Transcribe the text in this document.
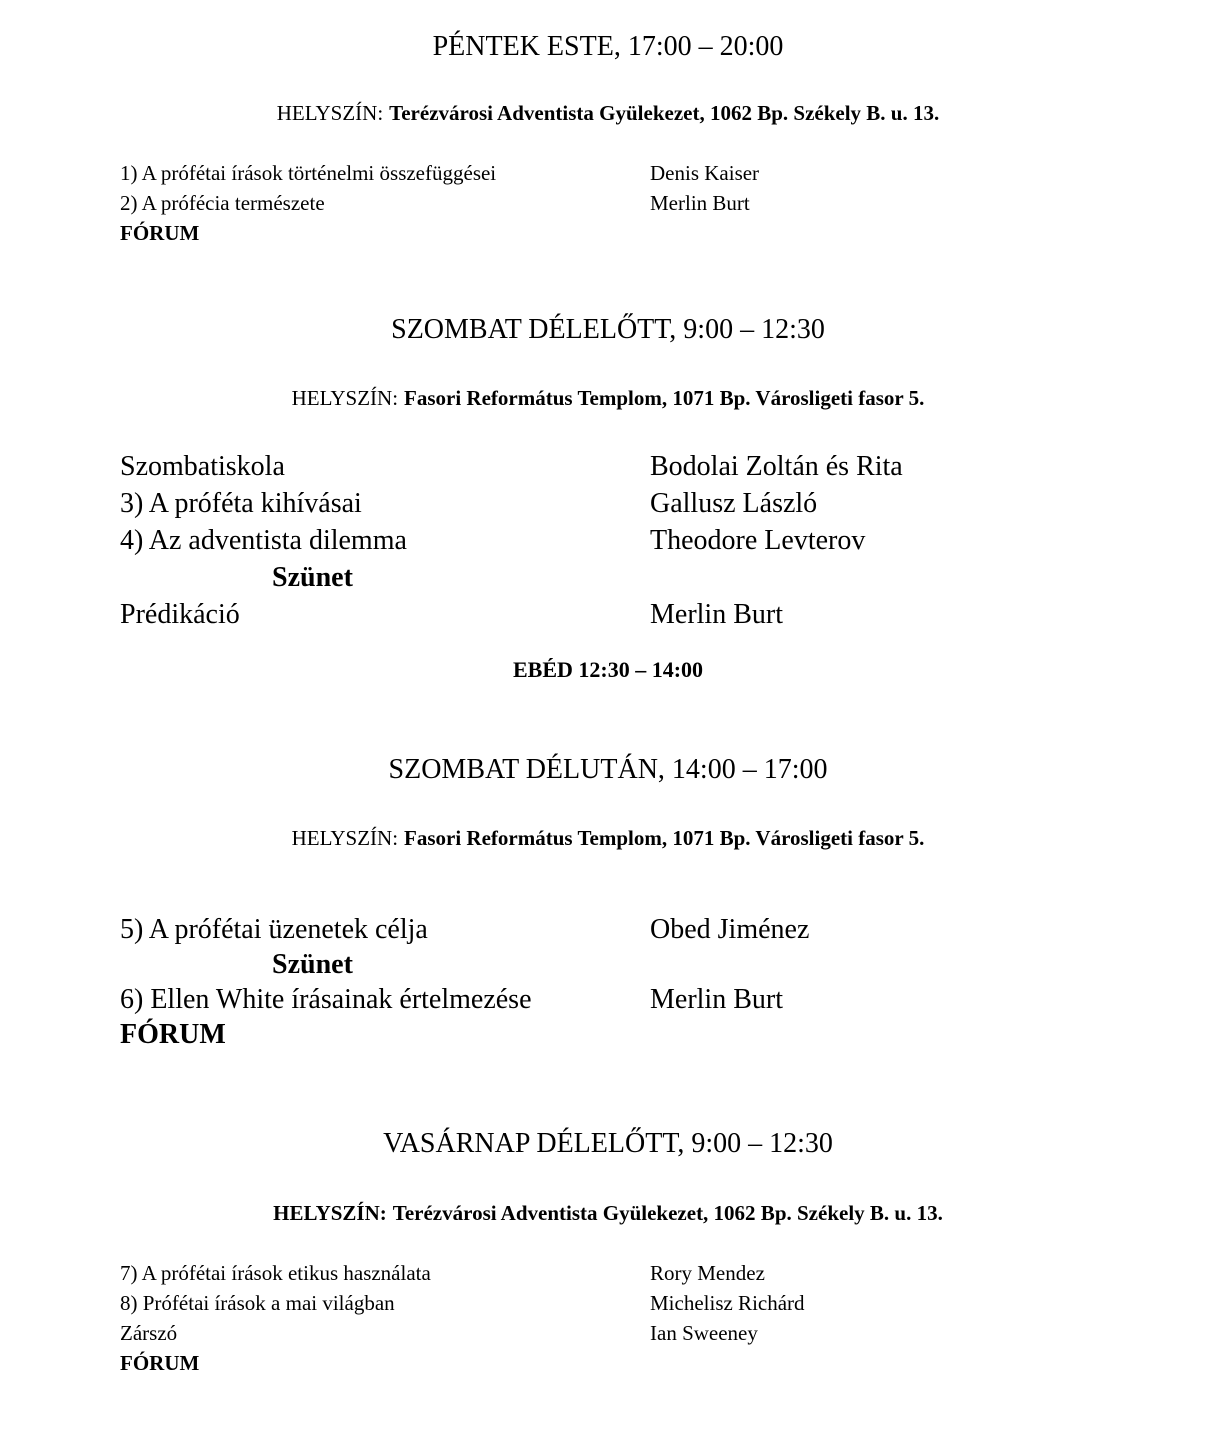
PÉNTEK ESTE, 17:00 – 20:00
HELYSZÍN: Terézvárosi Adventista Gyülekezet, 1062 Bp. Székely B. u. 13.
1) A prófétai írások történelmi összefüggései	Denis Kaiser
2) A prófécia természete	Merlin Burt
FÓRUM
SZOMBAT DÉLELŐTT, 9:00 – 12:30
HELYSZÍN: Fasori Református Templom, 1071 Bp. Városligeti fasor 5.
Szombatiskola	Bodolai Zoltán és Rita
3) A próféta kihívásai	Gallusz László
4) Az adventista dilemma	Theodore Levterov
Szünet
Prédikáció	Merlin Burt
EBÉD 12:30 – 14:00
SZOMBAT DÉLUTÁN, 14:00 – 17:00
HELYSZÍN: Fasori Református Templom, 1071 Bp. Városligeti fasor 5.
5) A prófétai üzenetek célja	Obed Jiménez
Szünet
6) Ellen White írásainak értelmezése	Merlin Burt
FÓRUM
VASÁRNAP DÉLELŐTT, 9:00 – 12:30
HELYSZÍN: Terézvárosi Adventista Gyülekezet, 1062 Bp. Székely B. u. 13.
7) A prófétai írások etikus használata	Rory Mendez
8) Prófétai írások a mai világban	Michelisz Richárd
Zárszó	Ian Sweeney
FÓRUM
